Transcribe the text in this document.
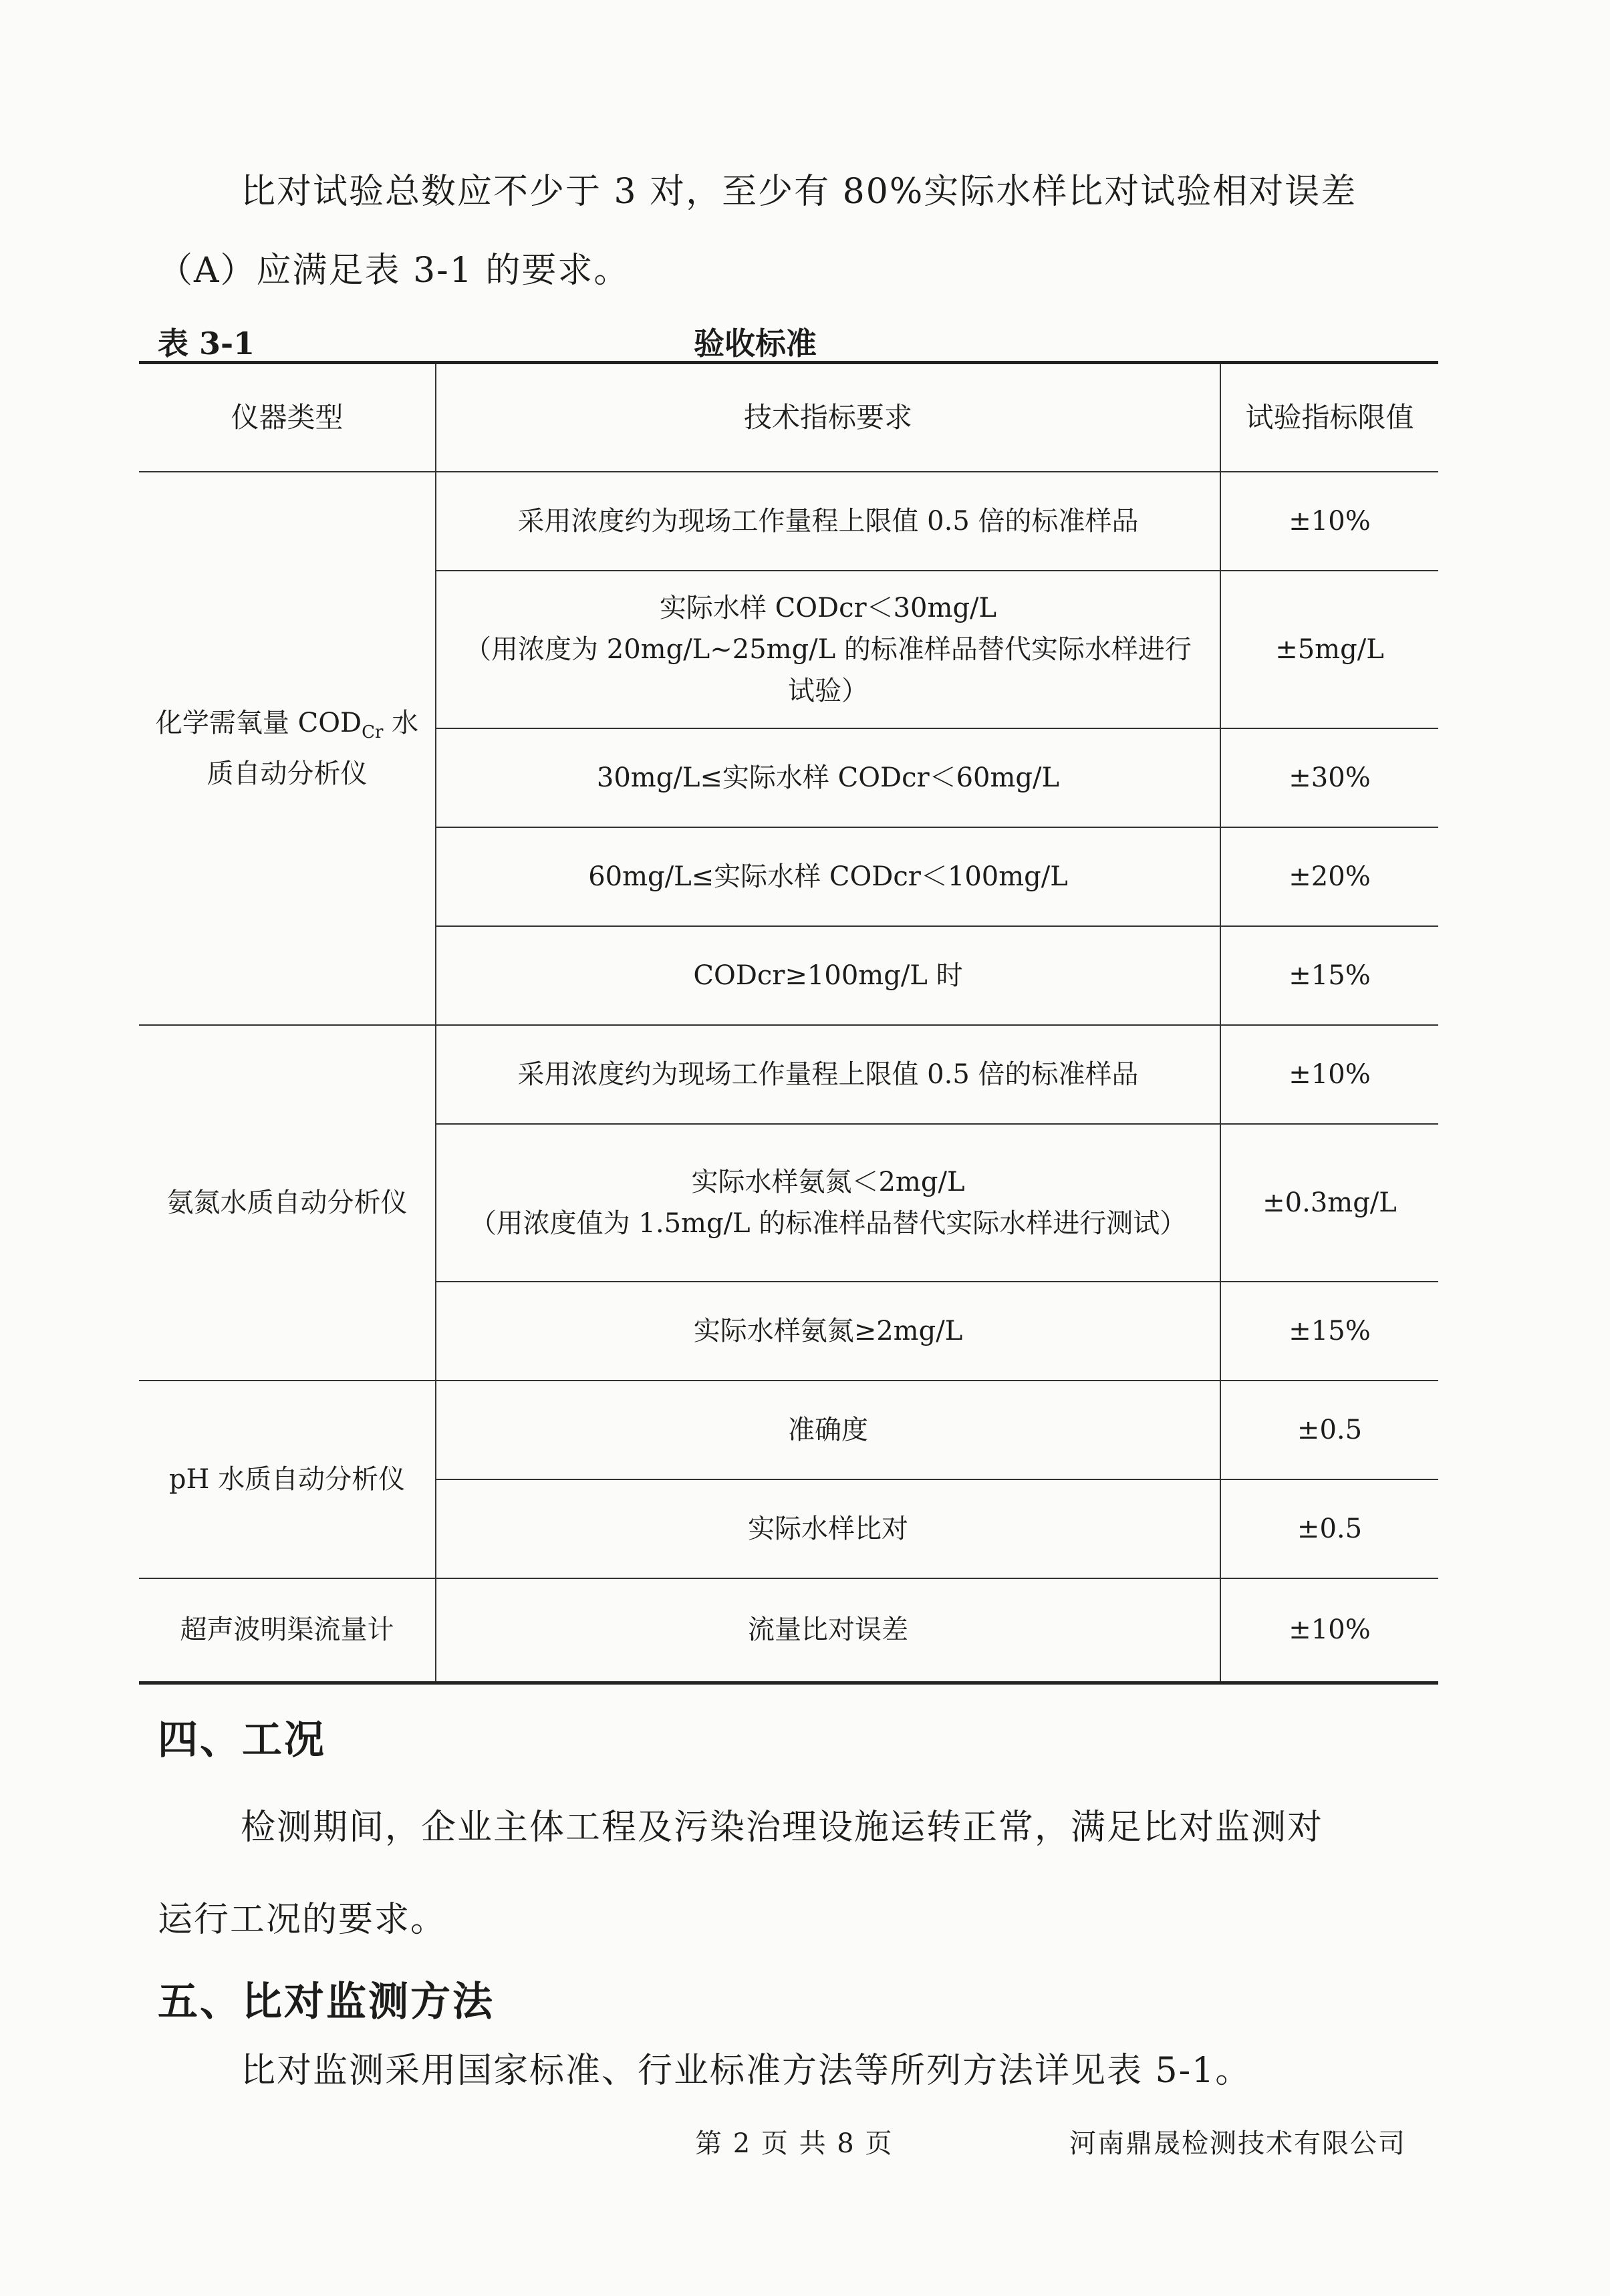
比对试验总数应不少于 3 对，至少有 80%实际水样比对试验相对误差
（A）应满足表 3-1 的要求。

表 3-1	验收标准
仪器类型	技术指标要求	试验指标限值
化学需氧量 $COD_{Cr}$ 水质自动分析仪	采用浓度约为现场工作量程上限值 0.5 倍的标准样品	±10%
	实际水样 CODcr＜30mg/L
（用浓度为 20mg/L~25mg/L 的标准样品替代实际水样进行
试验）	±5mg/L
	30mg/L≤实际水样 CODcr＜60mg/L	±30%
	60mg/L≤实际水样 CODcr＜100mg/L	±20%
	CODcr≥100mg/L 时	±15%
氨氮水质自动分析仪	采用浓度约为现场工作量程上限值 0.5 倍的标准样品	±10%
	实际水样氨氮＜2mg/L
（用浓度值为 1.5mg/L 的标准样品替代实际水样进行测试）	±0.3mg/L
	实际水样氨氮≥2mg/L	±15%
pH 水质自动分析仪	准确度	±0.5
	实际水样比对	±0.5
超声波明渠流量计	流量比对误差	±10%
四、工况

检测期间，企业主体工程及污染治理设施运转正常，满足比对监测对
运行工况的要求。

五、比对监测方法

比对监测采用国家标准、行业标准方法等所列方法详见表 5-1。

第 2 页 共 8 页	河南鼎晟检测技术有限公司
